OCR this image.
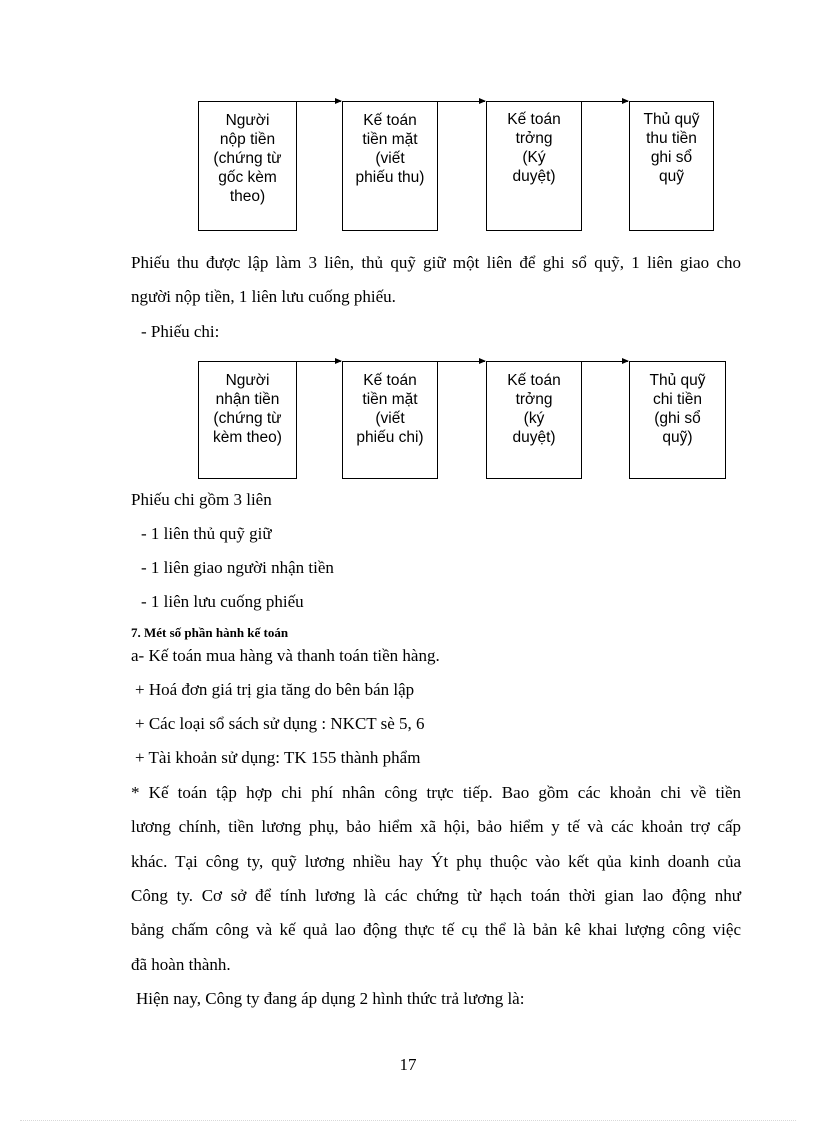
Người
nộp tiền
(chứng từ
gốc kèm
theo)
Kế toán
tiền mặt
(viết
phiếu thu)
Kế toán
trởng
(Ký
duyệt)
Thủ quỹ
thu tiền
ghi sổ
quỹ
Phiếu thu được lập làm 3 liên, thủ quỹ giữ một liên để ghi sổ quỹ, 1 liên giao cho
người nộp tiền, 1 liên lưu cuống phiếu.
- Phiếu chi:
Người
nhận tiền
(chứng từ
kèm theo)
Kế toán
tiền mặt
(viết
phiếu chi)
Kế toán
trởng
(ký
duyệt)
Thủ quỹ
chi tiền
(ghi sổ
quỹ)
Phiếu chi gồm 3 liên
- 1 liên thủ quỹ giữ
- 1 liên giao người nhận tiền
- 1 liên lưu cuống phiếu
7. Mét số phần hành kế toán
a- Kế toán mua hàng và thanh toán tiền hàng.
+ Hoá đơn giá trị gia tăng do bên bán lập
+ Các loại sổ sách sử dụng : NKCT sè 5, 6
+ Tài khoản sử dụng: TK 155 thành phẩm
* Kế toán tập hợp chi phí nhân công trực tiếp. Bao gồm các khoản chi về tiền
lương chính, tiền lương phụ, bảo hiểm xã hội, bảo hiểm y tế và các khoản trợ cấp
khác. Tại công ty, quỹ lương nhiều hay Ýt phụ thuộc vào kết qủa kinh doanh của
Công ty. Cơ sở để tính lương là các chứng từ hạch toán thời gian lao động như
bảng chấm công và kế quả lao động thực tế cụ thể là bản kê khai lượng công việc
đã hoàn thành.
Hiện nay, Công ty đang áp dụng 2 hình thức trả lương là:
17
